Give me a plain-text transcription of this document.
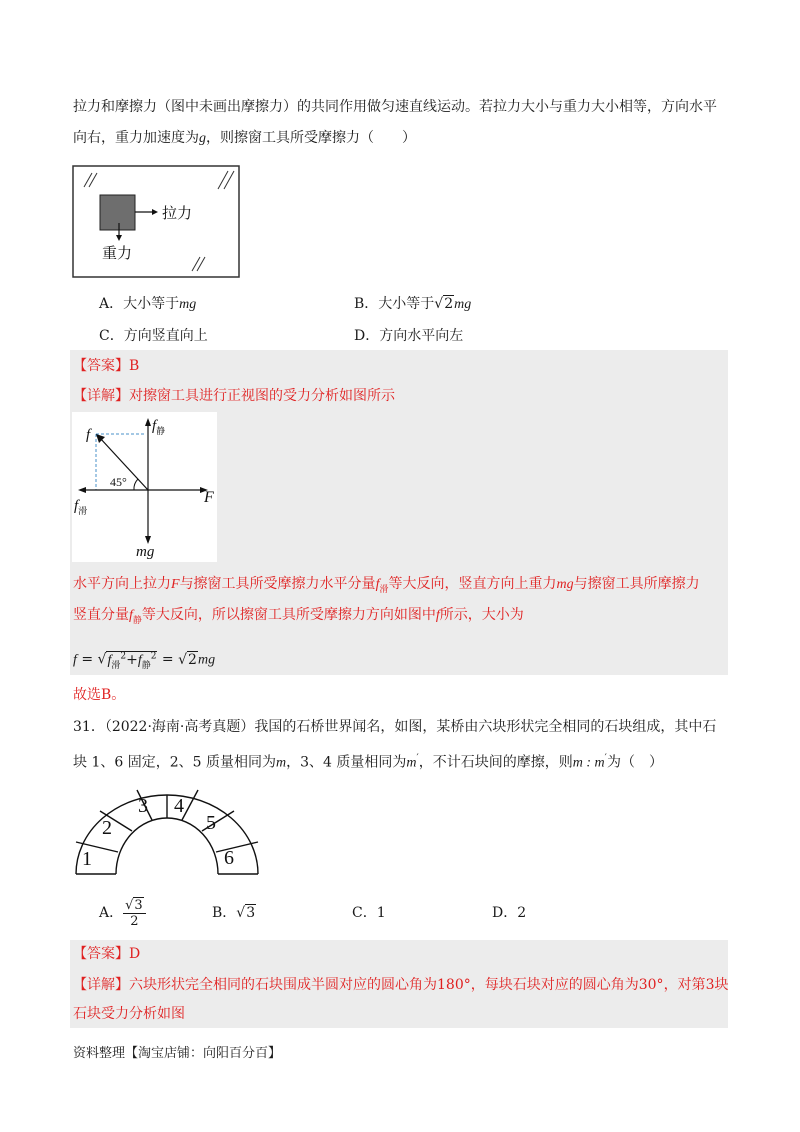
拉力和摩擦力（图中未画出摩擦力）的共同作用做匀速直线运动。若拉力大小与重力大小相等，方向水平
向右，重力加速度为g，则擦窗工具所受摩擦力（　　）
拉力
重力
A．大小等于mg	B．大小等于√2mg
C．方向竖直向上	D．方向水平向左
【答案】B
【详解】对擦窗工具进行正视图的受力分析如图所示
f
$f_静$
$f_滑$
45°
F
mg
水平方向上拉力F与擦窗工具所受摩擦力水平分量$f_滑$等大反向，竖直方向上重力mg与擦窗工具所摩擦力
竖直分量$f_静$等大反向，所以擦窗工具所受摩擦力方向如图中f所示，大小为
$f = √f_滑^2+f_静^2 = √2mg$
故选B。
31．（2022·海南·高考真题）我国的石桥世界闻名，如图，某桥由六块形状完全相同的石块组成，其中石
块 1、6 固定，2、5 质量相同为m，3、4 质量相同为m′，不计石块间的摩擦，则m : m′为（　）
1
2
3 4
5
6
A． $\frac{√3}{2}$	B．√3	C．1	D．2
【答案】D
【详解】六块形状完全相同的石块围成半圆对应的圆心角为180°，每块石块对应的圆心角为30°，对第3块
石块受力分析如图
资料整理【淘宝店铺：向阳百分百】
